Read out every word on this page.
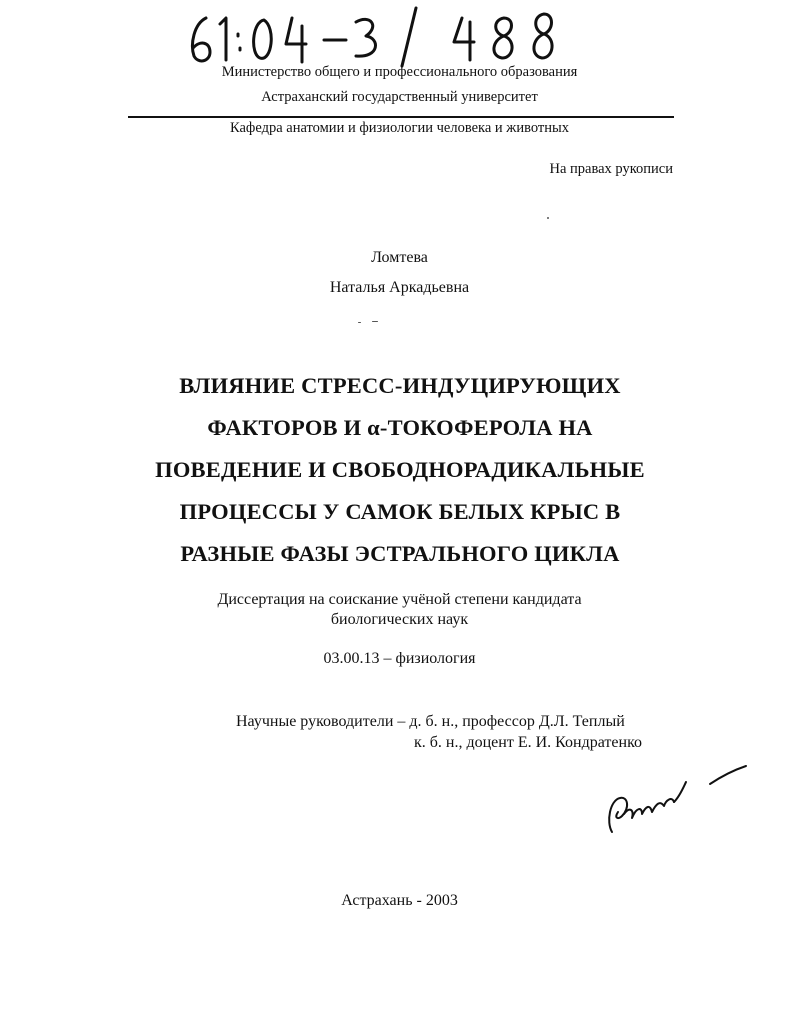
61:04-3/488
Министерство общего и профессионального образования
Астраханский государственный университет
Кафедра анатомии и физиологии человека и животных
На правах рукописи
Ломтева
Наталья Аркадьевна
ВЛИЯНИЕ СТРЕСС-ИНДУЦИРУЮЩИХ
ФАКТОРОВ И α-ТОКОФЕРОЛА НА
ПОВЕДЕНИЕ И СВОБОДНОРАДИКАЛЬНЫЕ
ПРОЦЕССЫ У САМОК БЕЛЫХ КРЫС В
РАЗНЫЕ ФАЗЫ ЭСТРАЛЬНОГО ЦИКЛА
Диссертация на соискание учёной степени кандидата
биологических наук
03.00.13 – физиология
Научные руководители – д. б. н., профессор Д.Л. Теплый
к. б. н., доцент Е. И. Кондратенко
Астрахань - 2003
